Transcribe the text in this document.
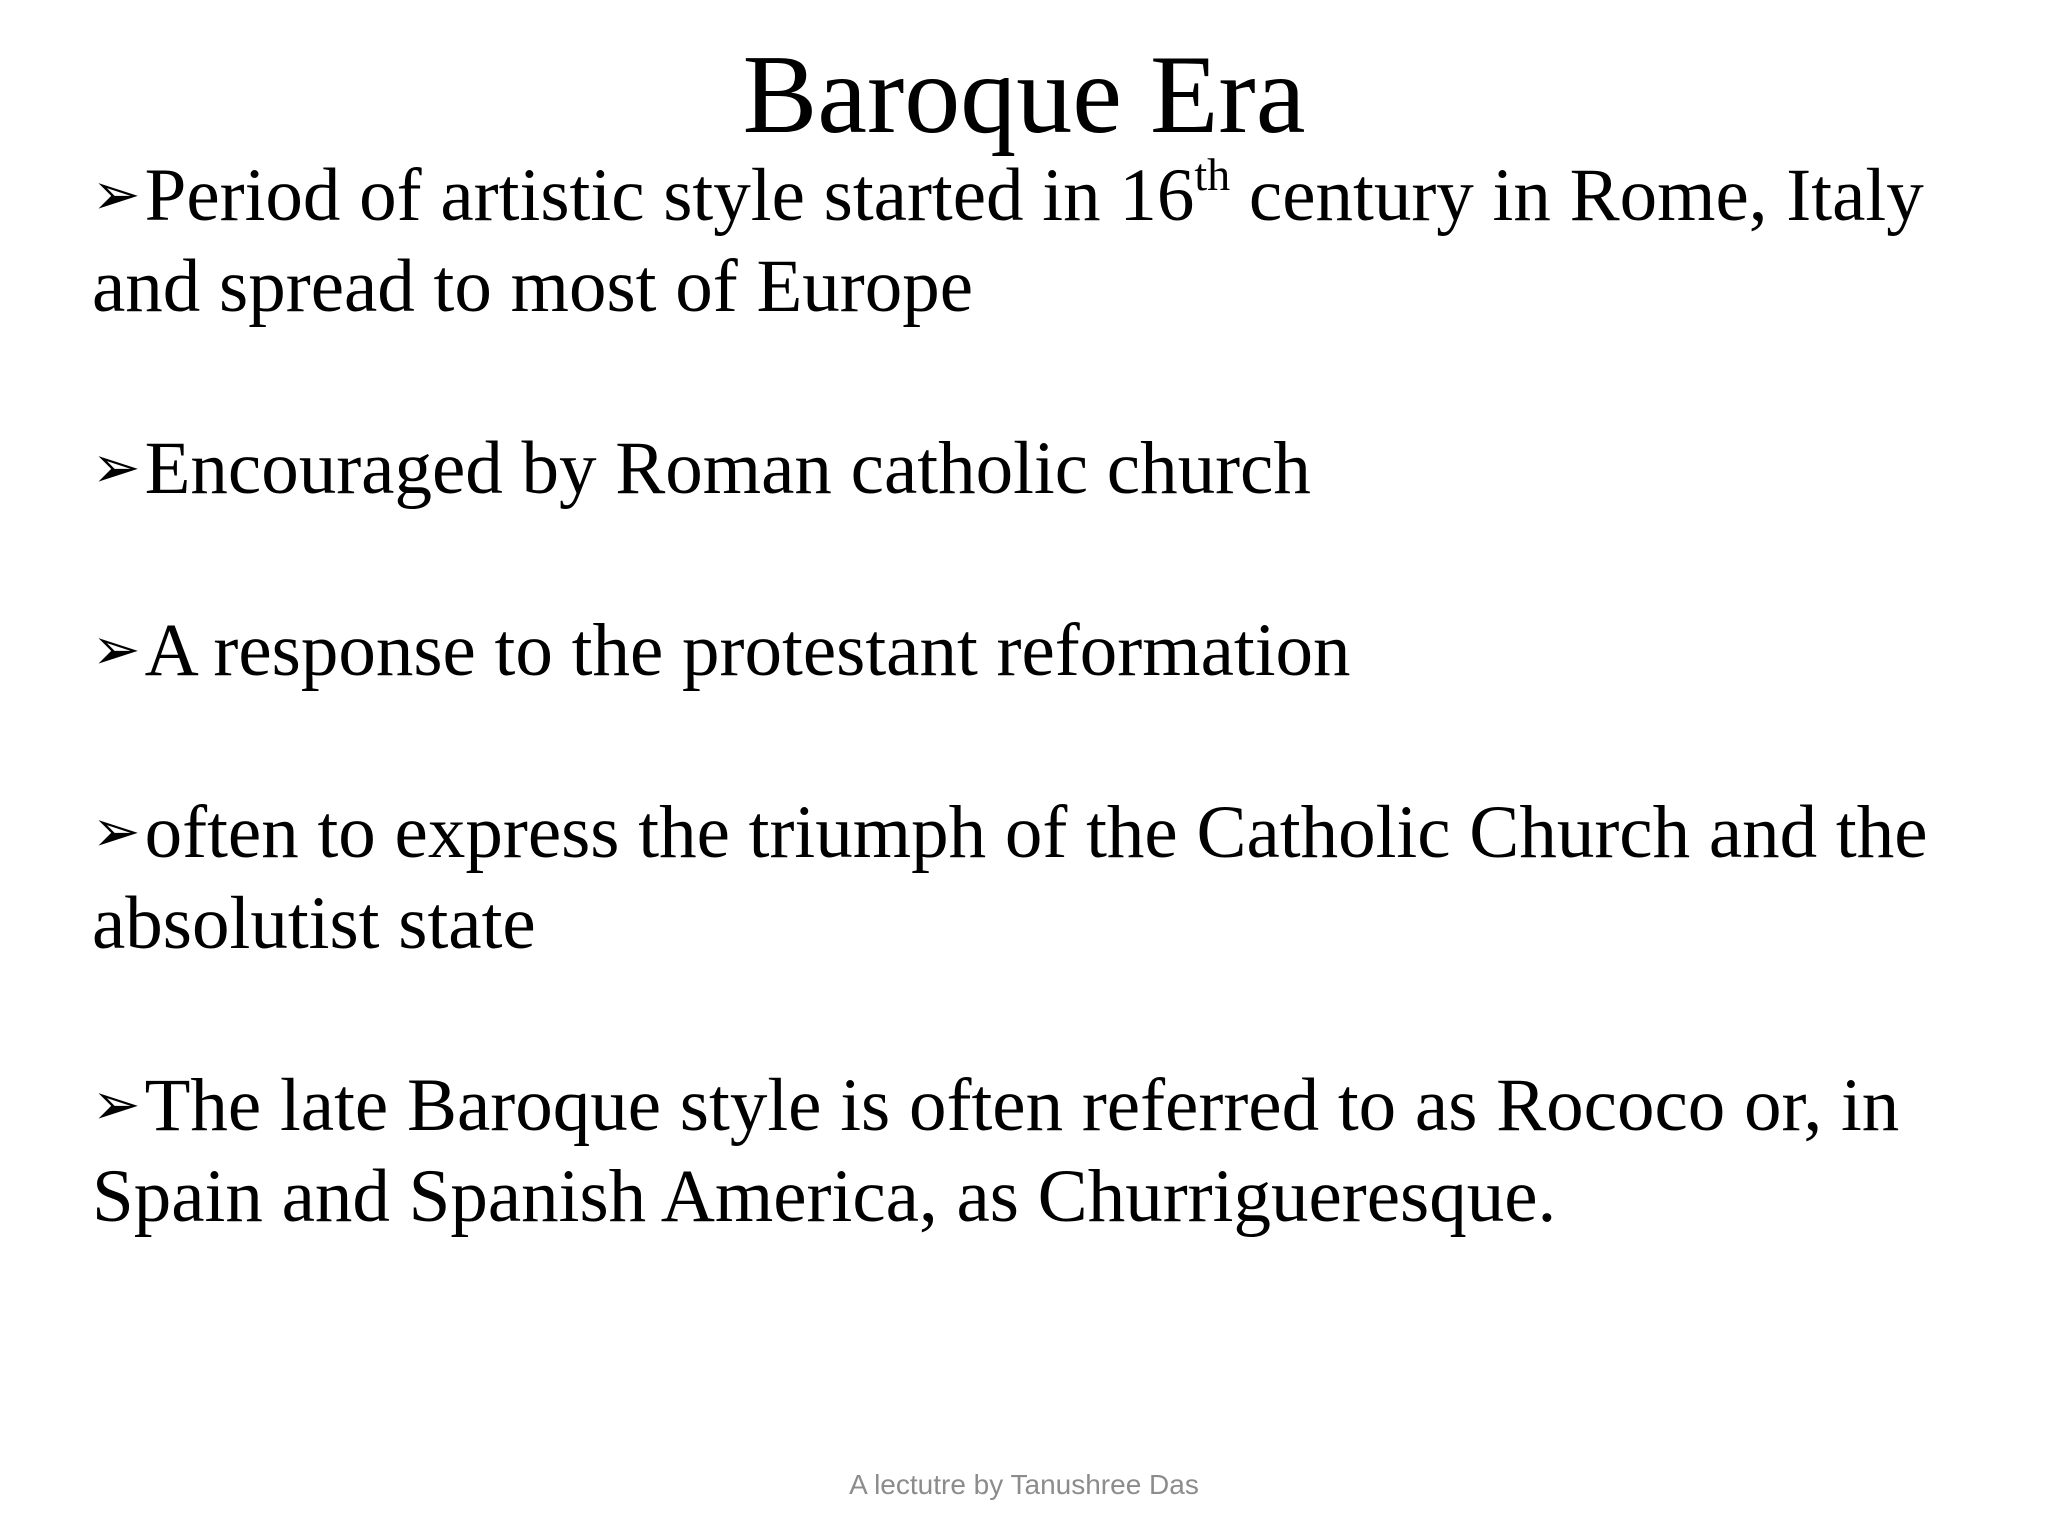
Baroque Era
➢Period of artistic style started in 16th century in Rome, Italy and spread to most of Europe
➢Encouraged by Roman catholic church
➢A response to the protestant reformation
➢often to express the triumph of the Catholic Church and the absolutist state
➢The late Baroque style is often referred to as Rococo or, in Spain and Spanish America, as Churrigueresque.
A lectutre by Tanushree Das
